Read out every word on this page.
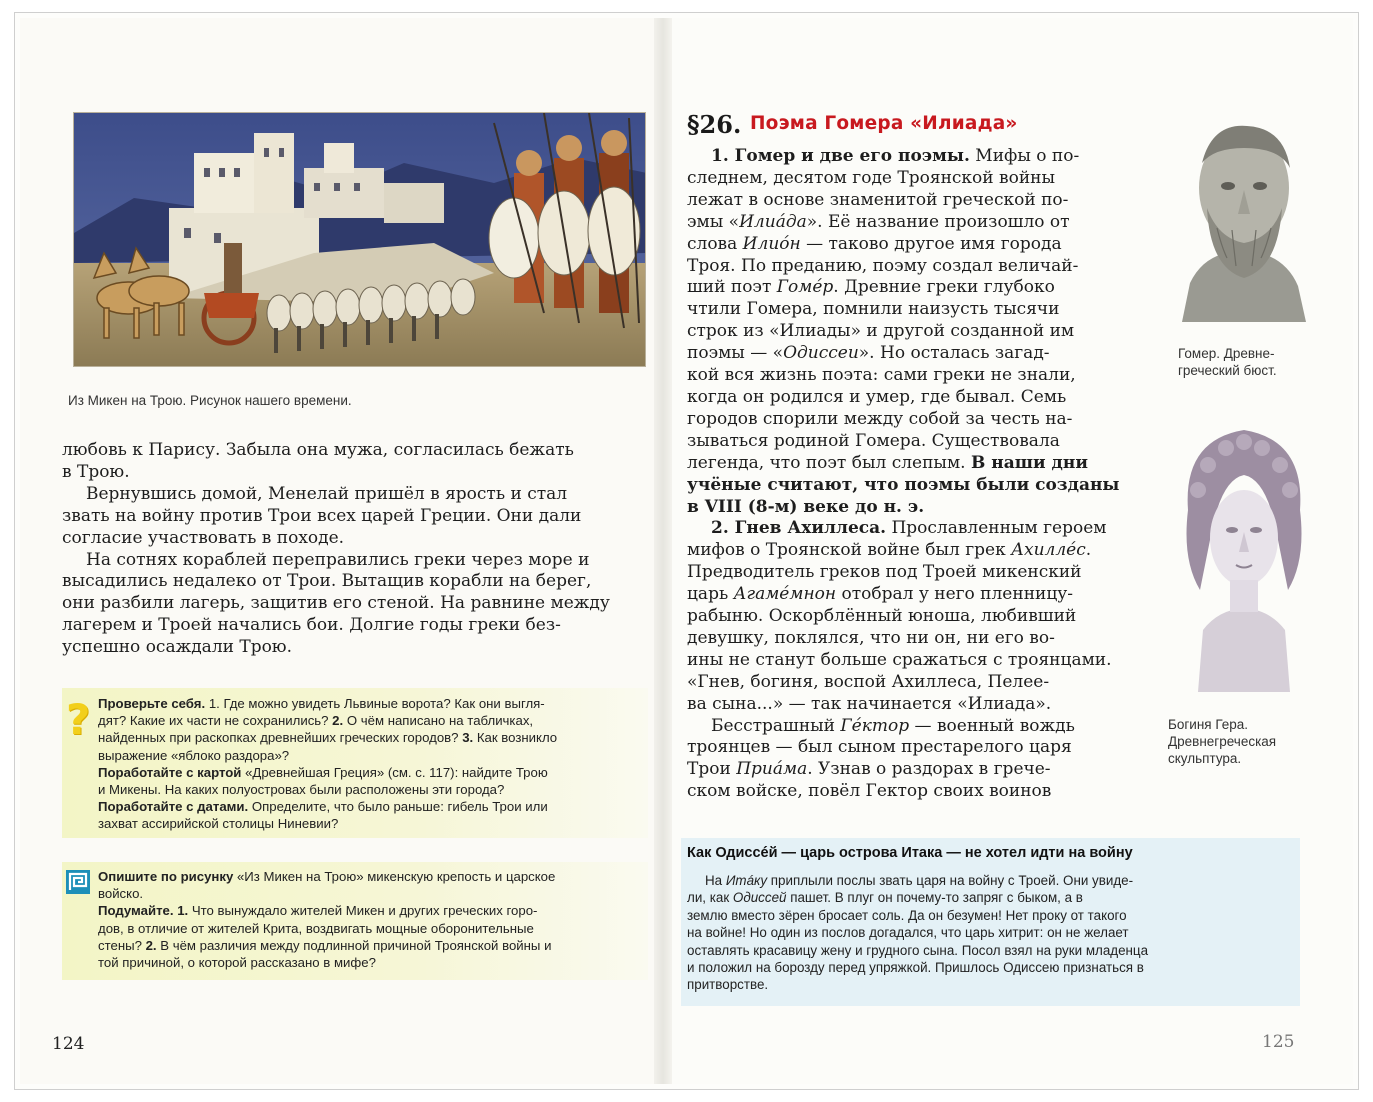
Из Микен на Трою. Рисунок нашего времени.

любовь к Парису. Забыла она мужа, согласилась бежать

в Трою.

Вернувшись домой, Менелай пришёл в ярость и стал

звать на войну против Трои всех царей Греции. Они дали

согласие участвовать в походе.

На сотнях кораблей переправились греки через море и

высадились недалеко от Трои. Вытащив корабли на берег,

они разбили лагерь, защитив его стеной. На равнине между

лагерем и Троей начались бои. Долгие годы греки без-

успешно осаждали Трою.

Проверьте себя. 1. Где можно увидеть Львиные ворота? Как они выгля-
дят? Какие их части не сохранились? 2. О чём написано на табличках,
найденных при раскопках древнейших греческих городов? 3. Как возникло
выражение «яблоко раздора»?
Поработайте с картой «Древнейшая Греция» (см. с. 117): найдите Трою
и Микены. На каких полуостровах были расположены эти города?
Поработайте с датами. Определите, что было раньше: гибель Трои или
захват ассирийской столицы Ниневии?
?
Опишите по рисунку «Из Микен на Трою» микенскую крепость и царское
войско.
Подумайте. 1. Что вынуждало жителей Микен и других греческих горо-
дов, в отличие от жителей Крита, воздвигать мощные оборонительные
стены? 2. В чём различия между подлинной причиной Троянской войны и
той причиной, о которой рассказано в мифе?
124
§26. Поэма Гомера «Илиада»

1. Гомер и две его поэмы. Мифы о по-

следнем, десятом годе Троянской войны

лежат в основе знаменитой греческой по-

эмы «Илиáда». Её название произошло от

слова Илиóн — таково другое имя города

Троя. По преданию, поэму создал величай-

ший поэт Гомéр. Древние греки глубоко

чтили Гомера, помнили наизусть тысячи

строк из «Илиады» и другой созданной им

поэмы — «Одиссеи». Но осталась загад-

кой вся жизнь поэта: сами греки не знали,

когда он родился и умер, где бывал. Семь

городов спорили между собой за честь на-

зываться родиной Гомера. Существовала

легенда, что поэт был слепым. В наши дни

учёные считают, что поэмы были созданы

в VIII (8-м) веке до н. э.

2. Гнев Ахиллеса. Прославленным героем

мифов о Троянской войне был грек Ахиллéс.

Предводитель греков под Троей микенский

царь Агамéмнон отобрал у него пленницу-

рабыню. Оскорблённый юноша, любивший

девушку, поклялся, что ни он, ни его во-

ины не станут больше сражаться с троянцами.

«Гнев, богиня, воспой Ахиллеса, Пелее-

ва сына...» — так начинается «Илиада».

Бесстрашный Гéктор — военный вождь

троянцев — был сыном престарелого царя

Трои Приáма. Узнав о раздорах в грече-

ском войске, повёл Гектор своих воинов

Гомер. Древне-
греческий бюст.
Богиня Гера.
Древнегреческая
скульптура.
Как Одиссéй — царь острова Итака — не хотел идти на войну
На Итáку приплыли послы звать царя на войну с Троей. Они увиде-
ли, как Одиссей пашет. В плуг он почему-то запряг с быком, а в
землю вместо зёрен бросает соль. Да он безумен! Нет проку от такого
на войне! Но один из послов догадался, что царь хитрит: он не желает
оставлять красавицу жену и грудного сына. Посол взял на руки младенца
и положил на борозду перед упряжкой. Пришлось Одиссею признаться в
притворстве.
125
